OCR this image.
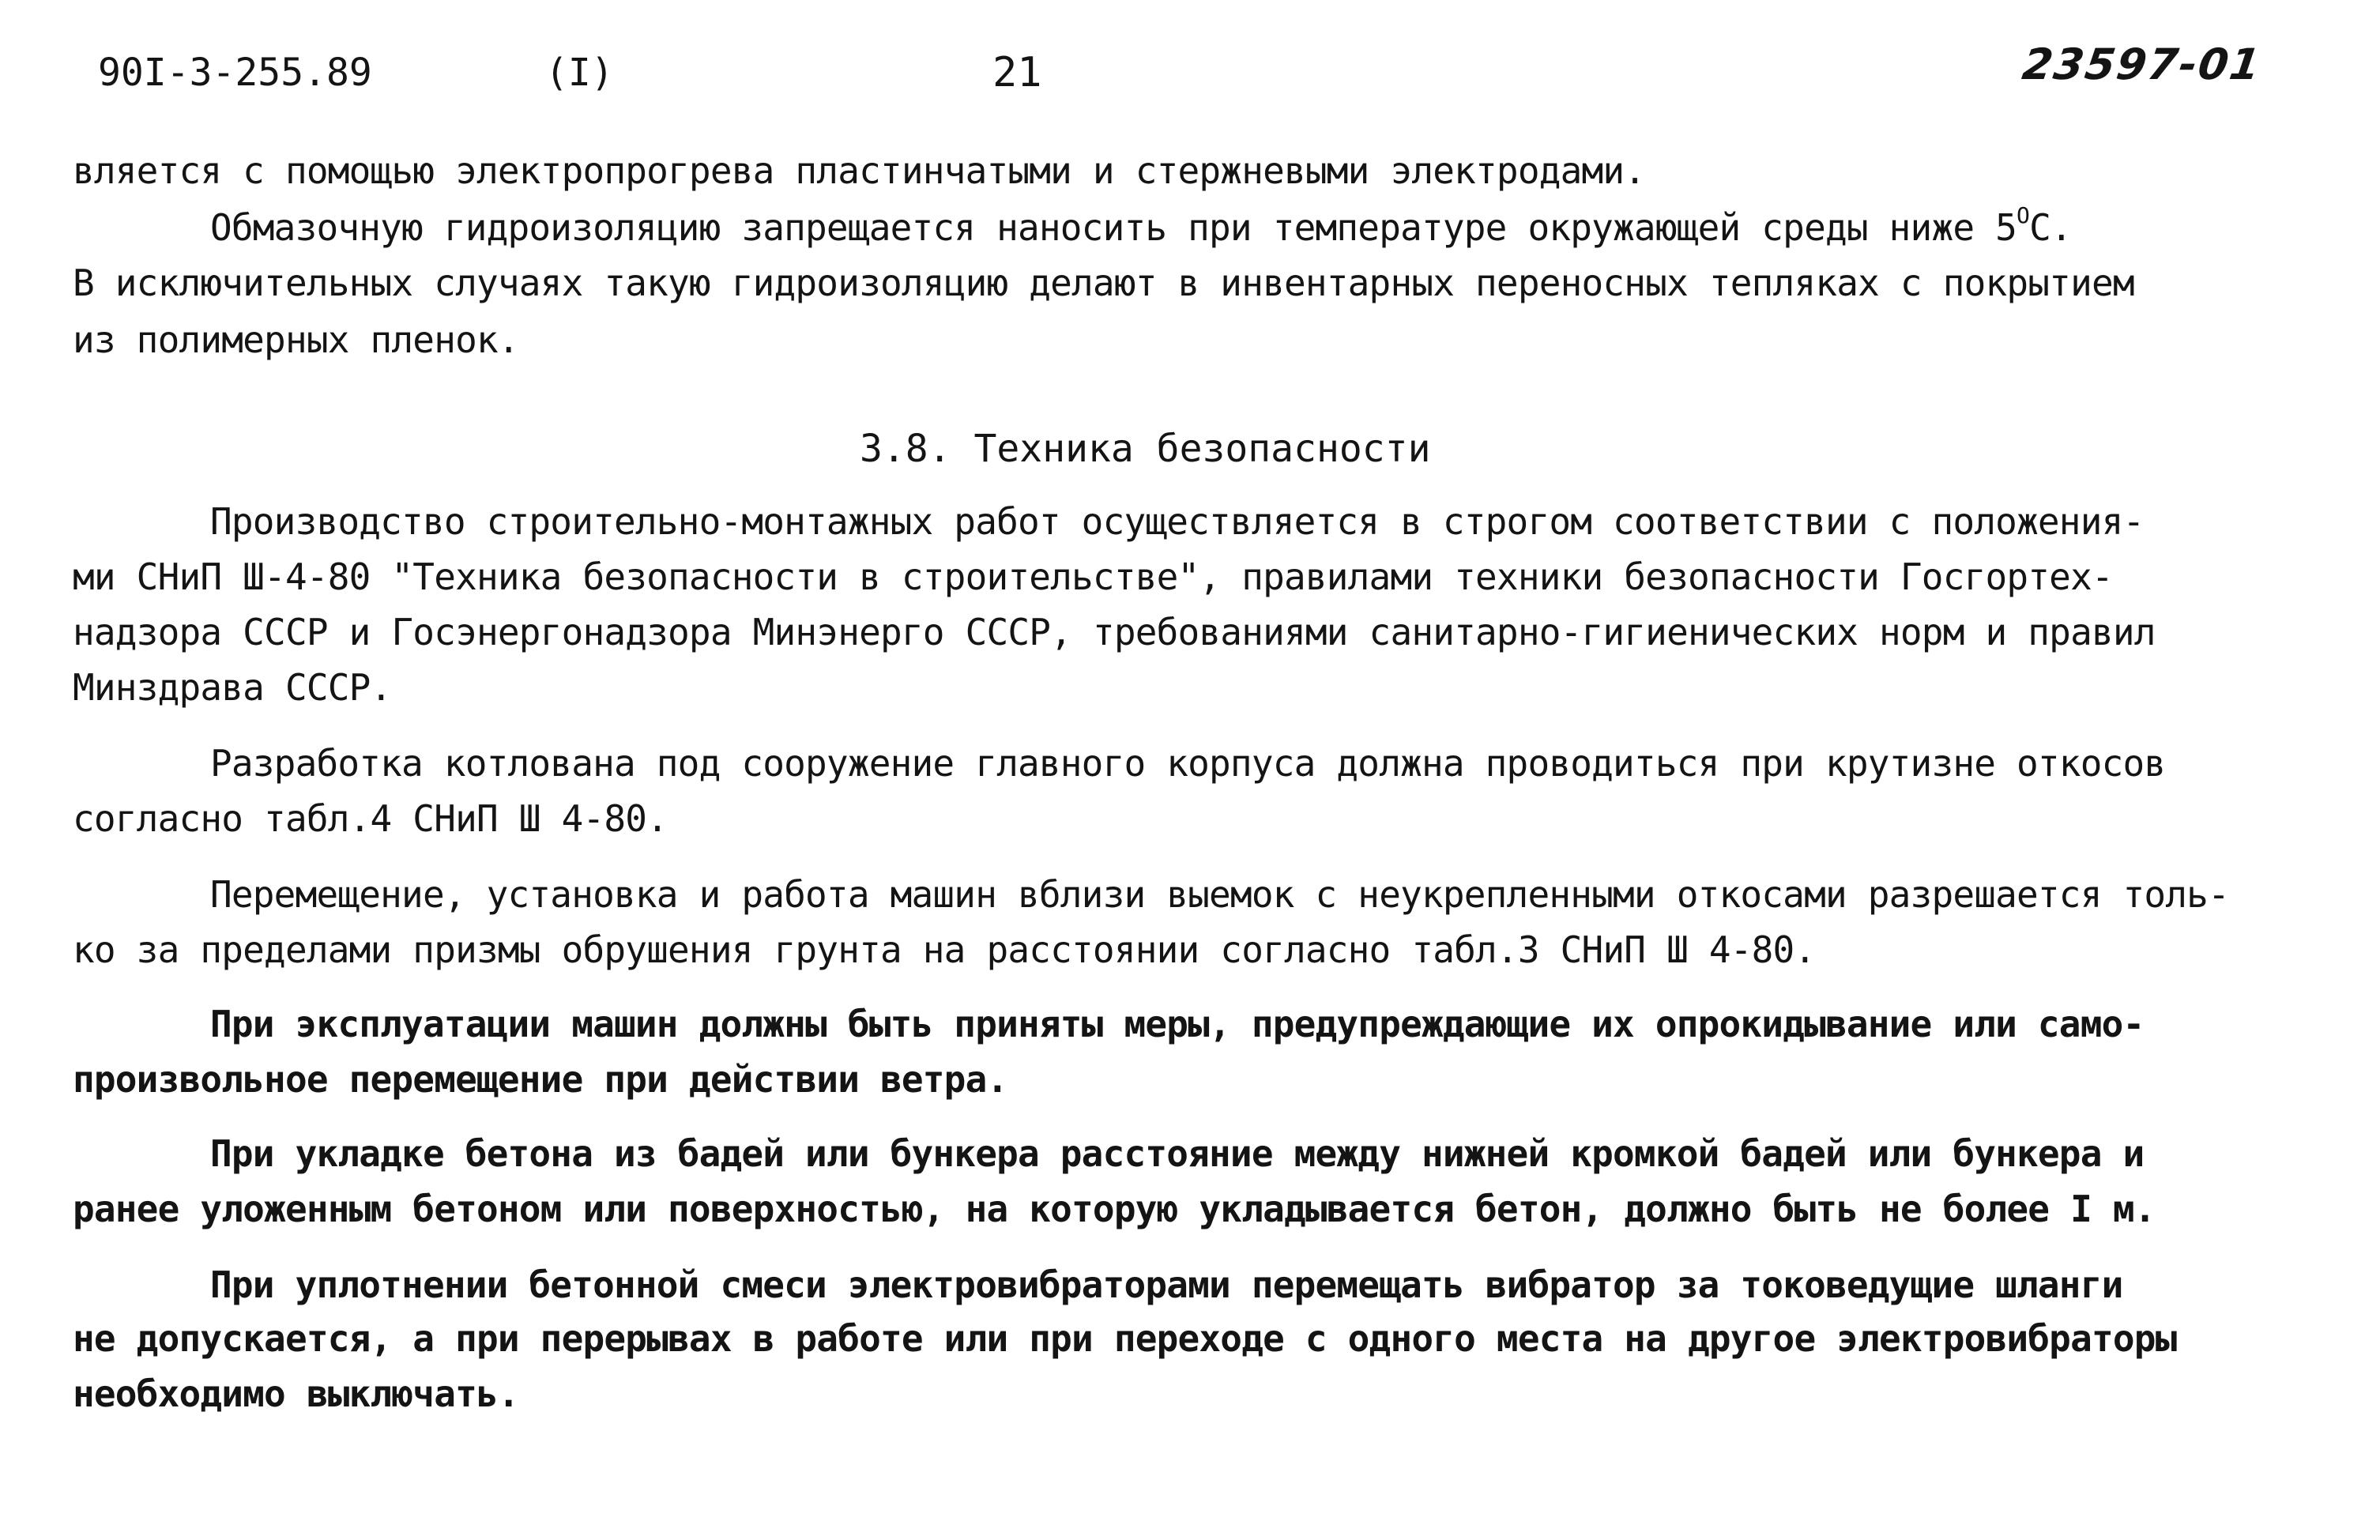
90I-3-255.89	(I)	21	23597-01
вляется с помощью электропрогрева пластинчатыми и стержневыми электродами.
Обмазочную гидроизоляцию запрещается наносить при температуре окружающей среды ниже $5^ОС$.
В исключительных случаях такую гидроизоляцию делают в инвентарных переносных тепляках с покрытием
из полимерных пленок.
3.8. Техника безопасности
Производство строительно-монтажных работ осуществляется в строгом соответствии с положения-
ми СНиП Ш-4-80 "Техника безопасности в строительстве", правилами техники безопасности Госгортех-
надзора СССР и Госэнергонадзора Минэнерго СССР, требованиями санитарно-гигиенических норм и правил
Минздрава СССР.
Разработка котлована под сооружение главного корпуса должна проводиться при крутизне откосов
согласно табл.4 СНиП Ш 4-80.
Перемещение, установка и работа машин вблизи выемок с неукрепленными откосами разрешается толь-
ко за пределами призмы обрушения грунта на расстоянии согласно табл.3 СНиП Ш 4-80.
При эксплуатации машин должны быть приняты меры, предупреждающие их опрокидывание или само-
произвольное перемещение при действии ветра.
При укладке бетона из бадей или бункера расстояние между нижней кромкой бадей или бункера и
ранее уложенным бетоном или поверхностью, на которую укладывается бетон, должно быть не более I м.
При уплотнении бетонной смеси электровибраторами перемещать вибратор за токоведущие шланги
не допускается, а при перерывах в работе или при переходе с одного места на другое электровибраторы
необходимо выключать.
